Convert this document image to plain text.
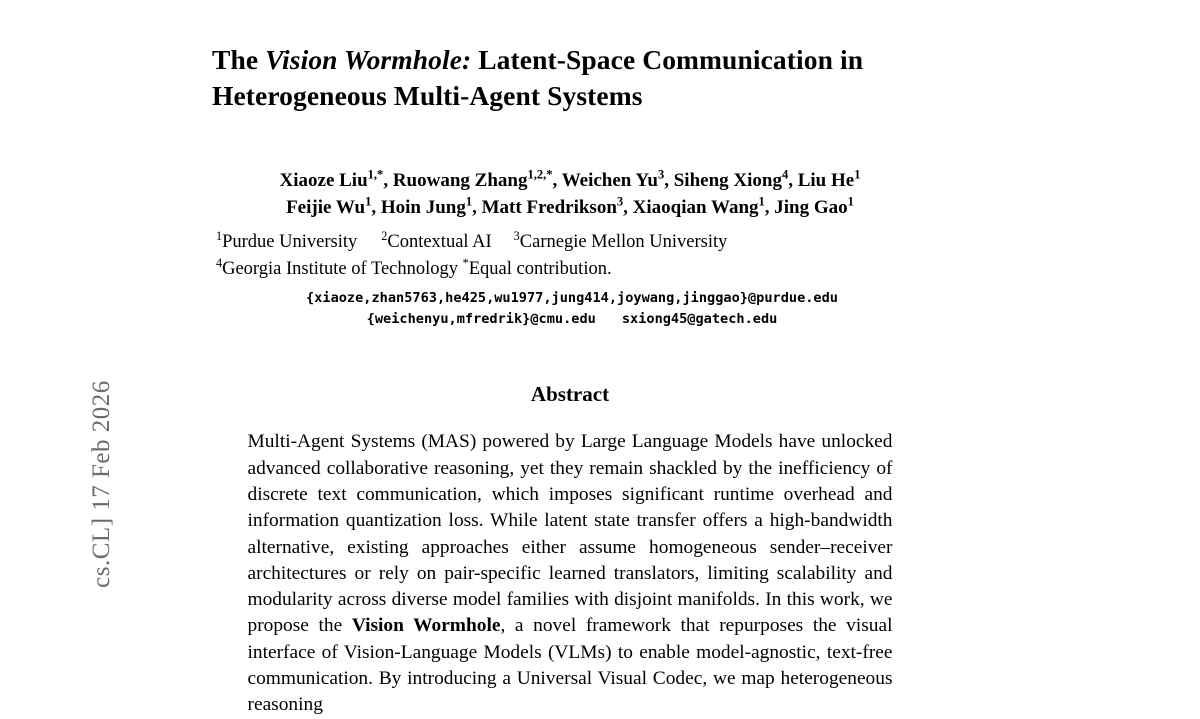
cs.CL] 17 Feb 2026
The Vision Wormhole: Latent-Space Communication in Heterogeneous Multi-Agent Systems
Xiaoze Liu$^{1,*}$, Ruowang Zhang$^{1,2,*}$, Weichen Yu$^3$, Siheng Xiong$^4$, Liu He$^1$
Feijie Wu$^1$, Hoin Jung$^1$, Matt Fredrikson$^3$, Xiaoqian Wang$^1$, Jing Gao$^1$
$^1$Purdue University $^2$Contextual AI $^3$Carnegie Mellon University
$^4$Georgia Institute of Technology *Equal contribution.
{xiaoze,zhan5763,he425,wu1977,jung414,joywang,jinggao}@purdue.edu
{weichenyu,mfredrik}@cmu.edu sxiong45@gatech.edu
Abstract

Multi-Agent Systems (MAS) powered by Large Language Models have unlocked advanced collaborative reasoning, yet they remain shackled by the inefficiency of discrete text communication, which imposes significant runtime overhead and information quantization loss. While latent state transfer offers a high-bandwidth alternative, existing approaches either assume homogeneous sender–receiver architectures or rely on pair-specific learned translators, limiting scalability and modularity across diverse model families with disjoint manifolds. In this work, we propose the Vision Wormhole, a novel framework that repurposes the visual interface of Vision-Language Models (VLMs) to enable model-agnostic, text-free communication. By introducing a Universal Visual Codec, we map heterogeneous reasoning
